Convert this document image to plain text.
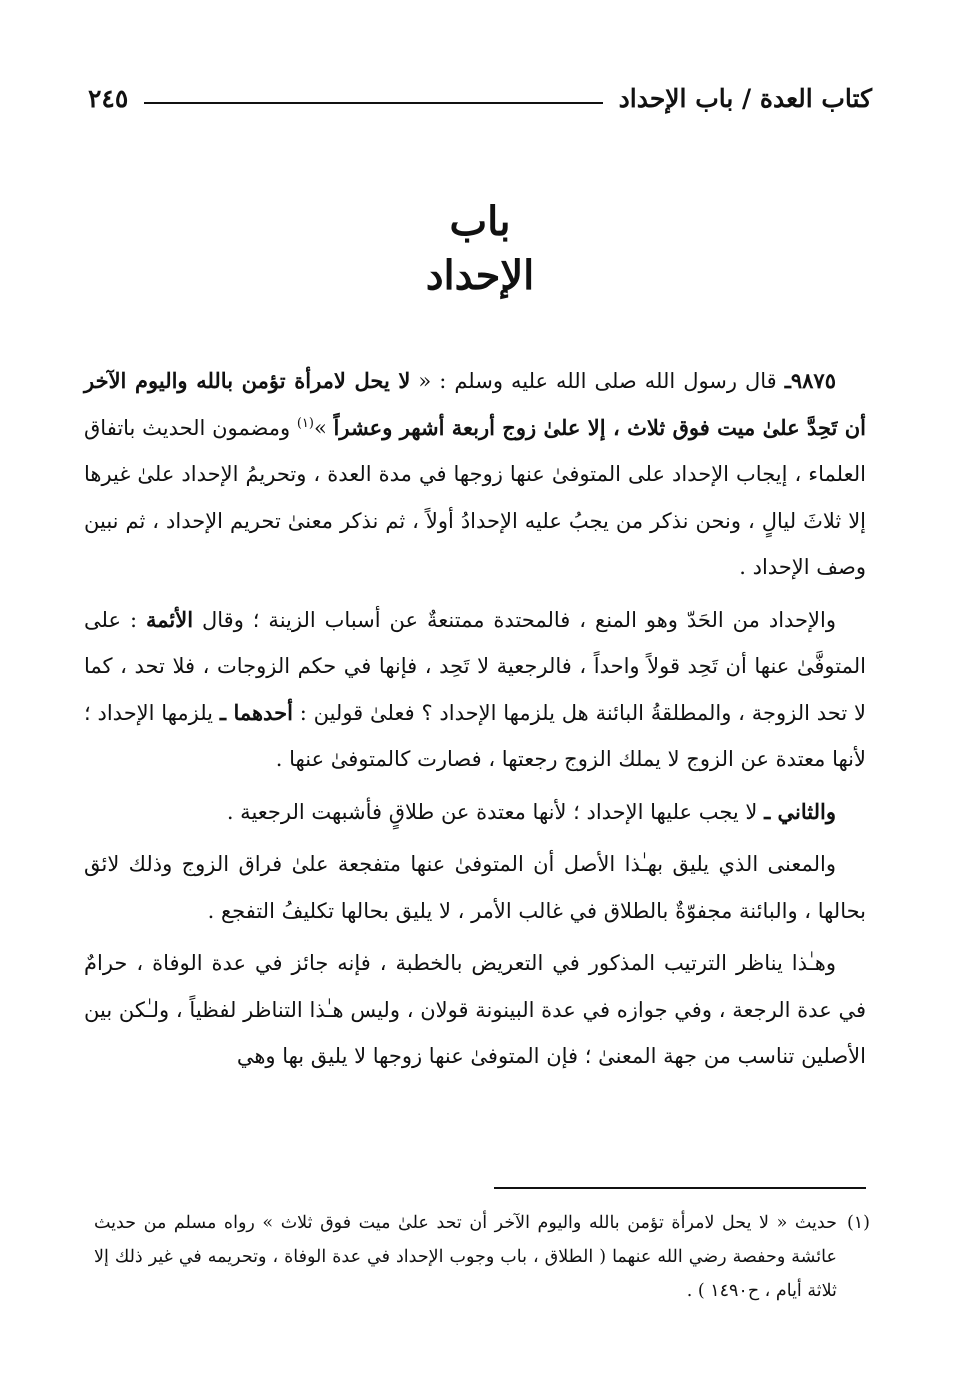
كتاب العدة / باب الإحداد
٢٤٥
باب
الإحداد

٩٨٧٥ـ قال رسول الله صلى الله عليه وسلم : « لا يحل لامرأة تؤمن بالله واليوم الآخر أن تَحِدَّ علىٰ ميت فوق ثلاث ، إلا علىٰ زوج أربعة أشهر وعشراً »$^{(١)}$ ومضمون الحديث باتفاق العلماء ، إيجاب الإحداد على المتوفىٰ عنها زوجها في مدة العدة ، وتحريمُ الإحداد علىٰ غيرها إلا ثلاثَ ليالٍ ، ونحن نذكر من يجبُ عليه الإحدادُ أولاً ، ثم نذكر معنىٰ تحريم الإحداد ، ثم نبين وصف الإحداد .

والإحداد من الحَدّ وهو المنع ، فالمحتدة ممتنعةٌ عن أسباب الزينة ؛ وقال الأئمة : على المتوفَّىٰ عنها أن تَحِد قولاً واحداً ، فالرجعية لا تَحِد ، فإنها في حكم الزوجات ، فلا تحد ، كما لا تحد الزوجة ، والمطلقةُ البائنة هل يلزمها الإحداد ؟ فعلىٰ قولين : أحدهما ـ يلزمها الإحداد ؛ لأنها معتدة عن الزوج لا يملك الزوج رجعتها ، فصارت كالمتوفىٰ عنها .

والثاني ـ لا يجب عليها الإحداد ؛ لأنها معتدة عن طلاقٍ فأشبهت الرجعية .

والمعنى الذي يليق بهـٰذا الأصل أن المتوفىٰ عنها متفجعة علىٰ فراق الزوج وذلك لائق بحالها ، والبائنة مجفوّةٌ بالطلاق في غالب الأمر ، لا يليق بحالها تكليفُ التفجع .

وهـٰذا يناظر الترتيب المذكور في التعريض بالخطبة ، فإنه جائز في عدة الوفاة ، حرامٌ في عدة الرجعة ، وفي جوازه في عدة البينونة قولان ، وليس هـٰذا التناظر لفظياً ، ولـٰكن بين الأصلين تناسب من جهة المعنىٰ ؛ فإن المتوفىٰ عنها زوجها لا يليق بها وهي

(١)
حديث « لا يحل لامرأة تؤمن بالله واليوم الآخر أن تحد علىٰ ميت فوق ثلاث » رواه مسلم من حديث عائشة وحفصة رضي الله عنهما ( الطلاق ، باب وجوب الإحداد في عدة الوفاة ، وتحريمه في غير ذلك إلا ثلاثة أيام ، ح١٤٩٠ ) .
